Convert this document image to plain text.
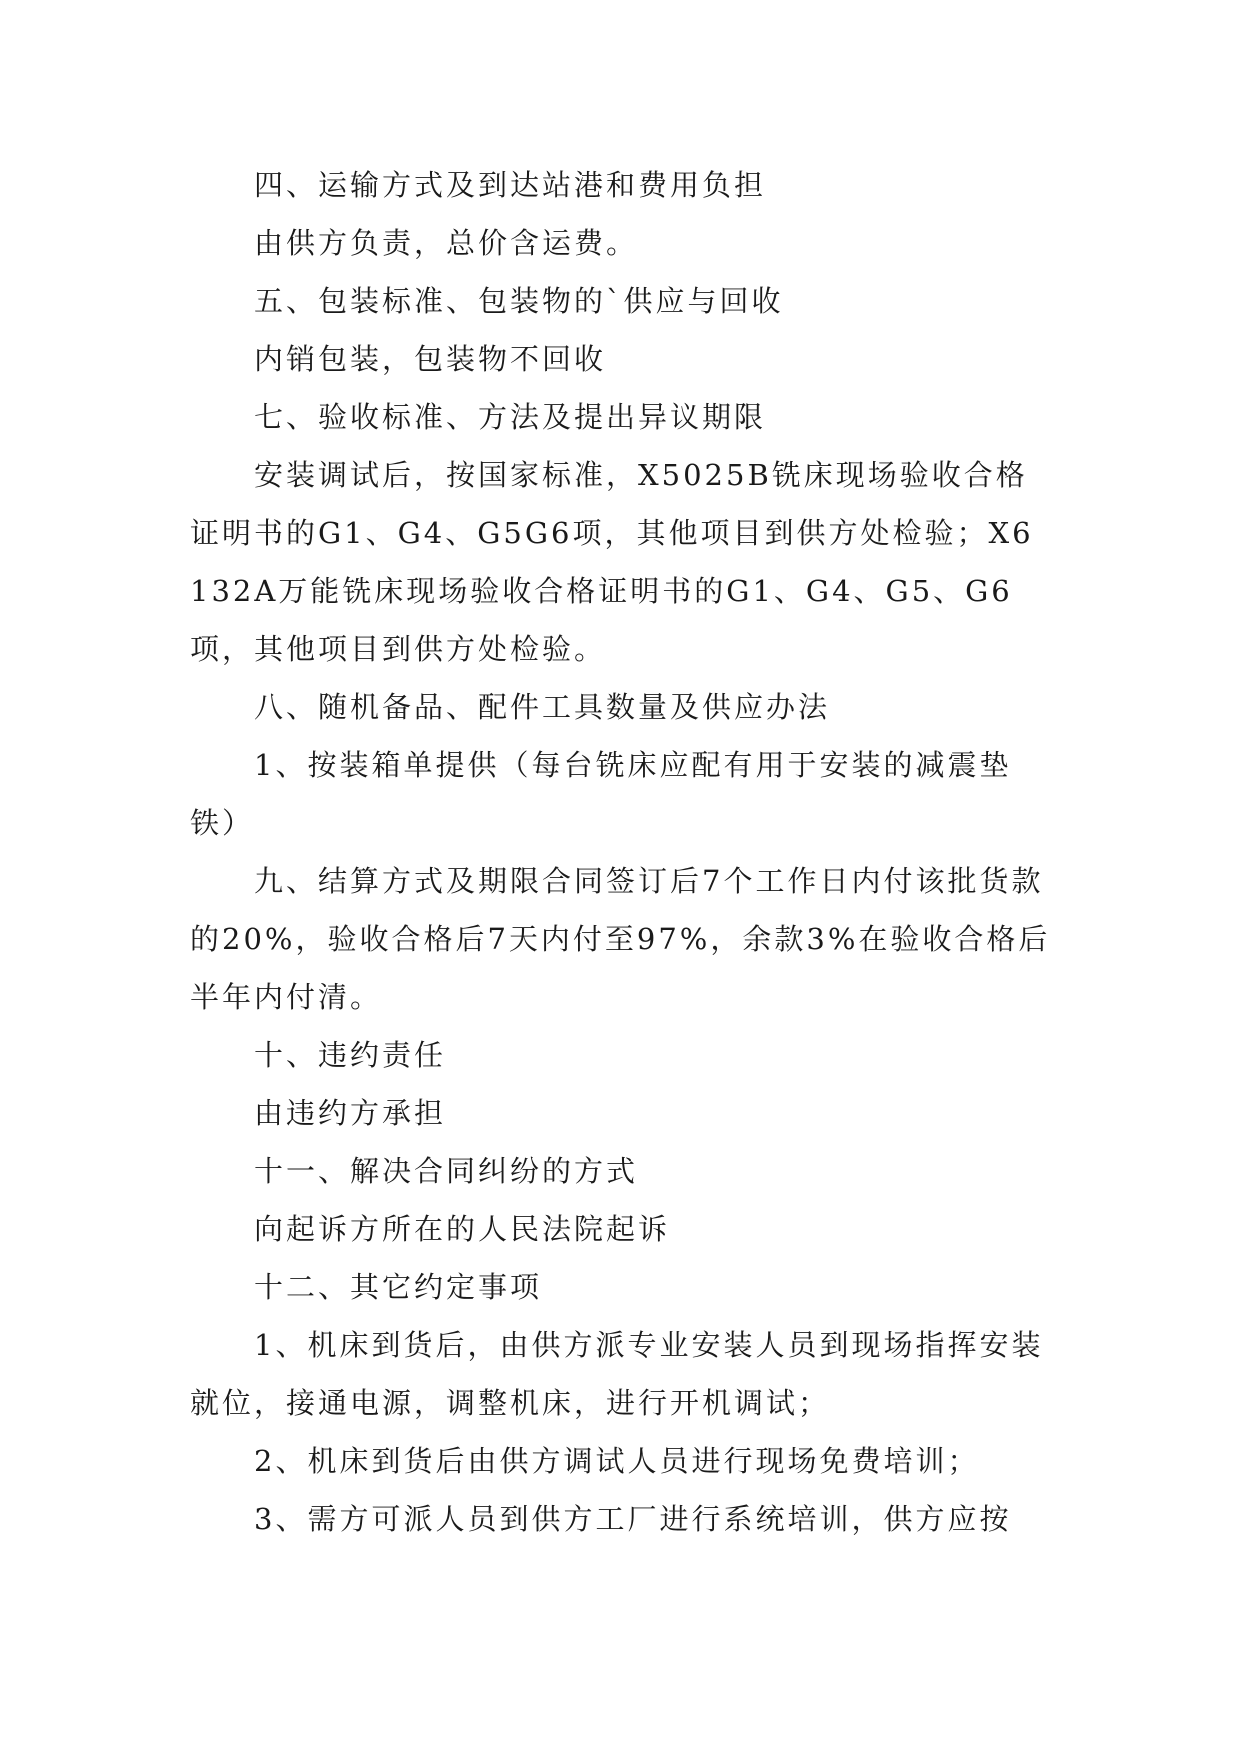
四、运输方式及到达站港和费用负担

由供方负责，总价含运费。

五、包装标准、包装物的`供应与回收

内销包装，包装物不回收

七、验收标准、方法及提出异议期限

安装调试后，按国家标准，X5025B铣床现场验收合格证明书的G1、G4、G5G6项，其他项目到供方处检验；X6132A万能铣床现场验收合格证明书的G1、G4、G5、G6项，其他项目到供方处检验。

八、随机备品、配件工具数量及供应办法

1、按装箱单提供（每台铣床应配有用于安装的减震垫铁）

九、结算方式及期限合同签订后7个工作日内付该批货款的20%，验收合格后7天内付至97%，余款3%在验收合格后半年内付清。

十、违约责任

由违约方承担

十一、解决合同纠纷的方式

向起诉方所在的人民法院起诉

十二、其它约定事项

1、机床到货后，由供方派专业安装人员到现场指挥安装就位，接通电源，调整机床，进行开机调试；

2、机床到货后由供方调试人员进行现场免费培训；

3、需方可派人员到供方工厂进行系统培训，供方应按
